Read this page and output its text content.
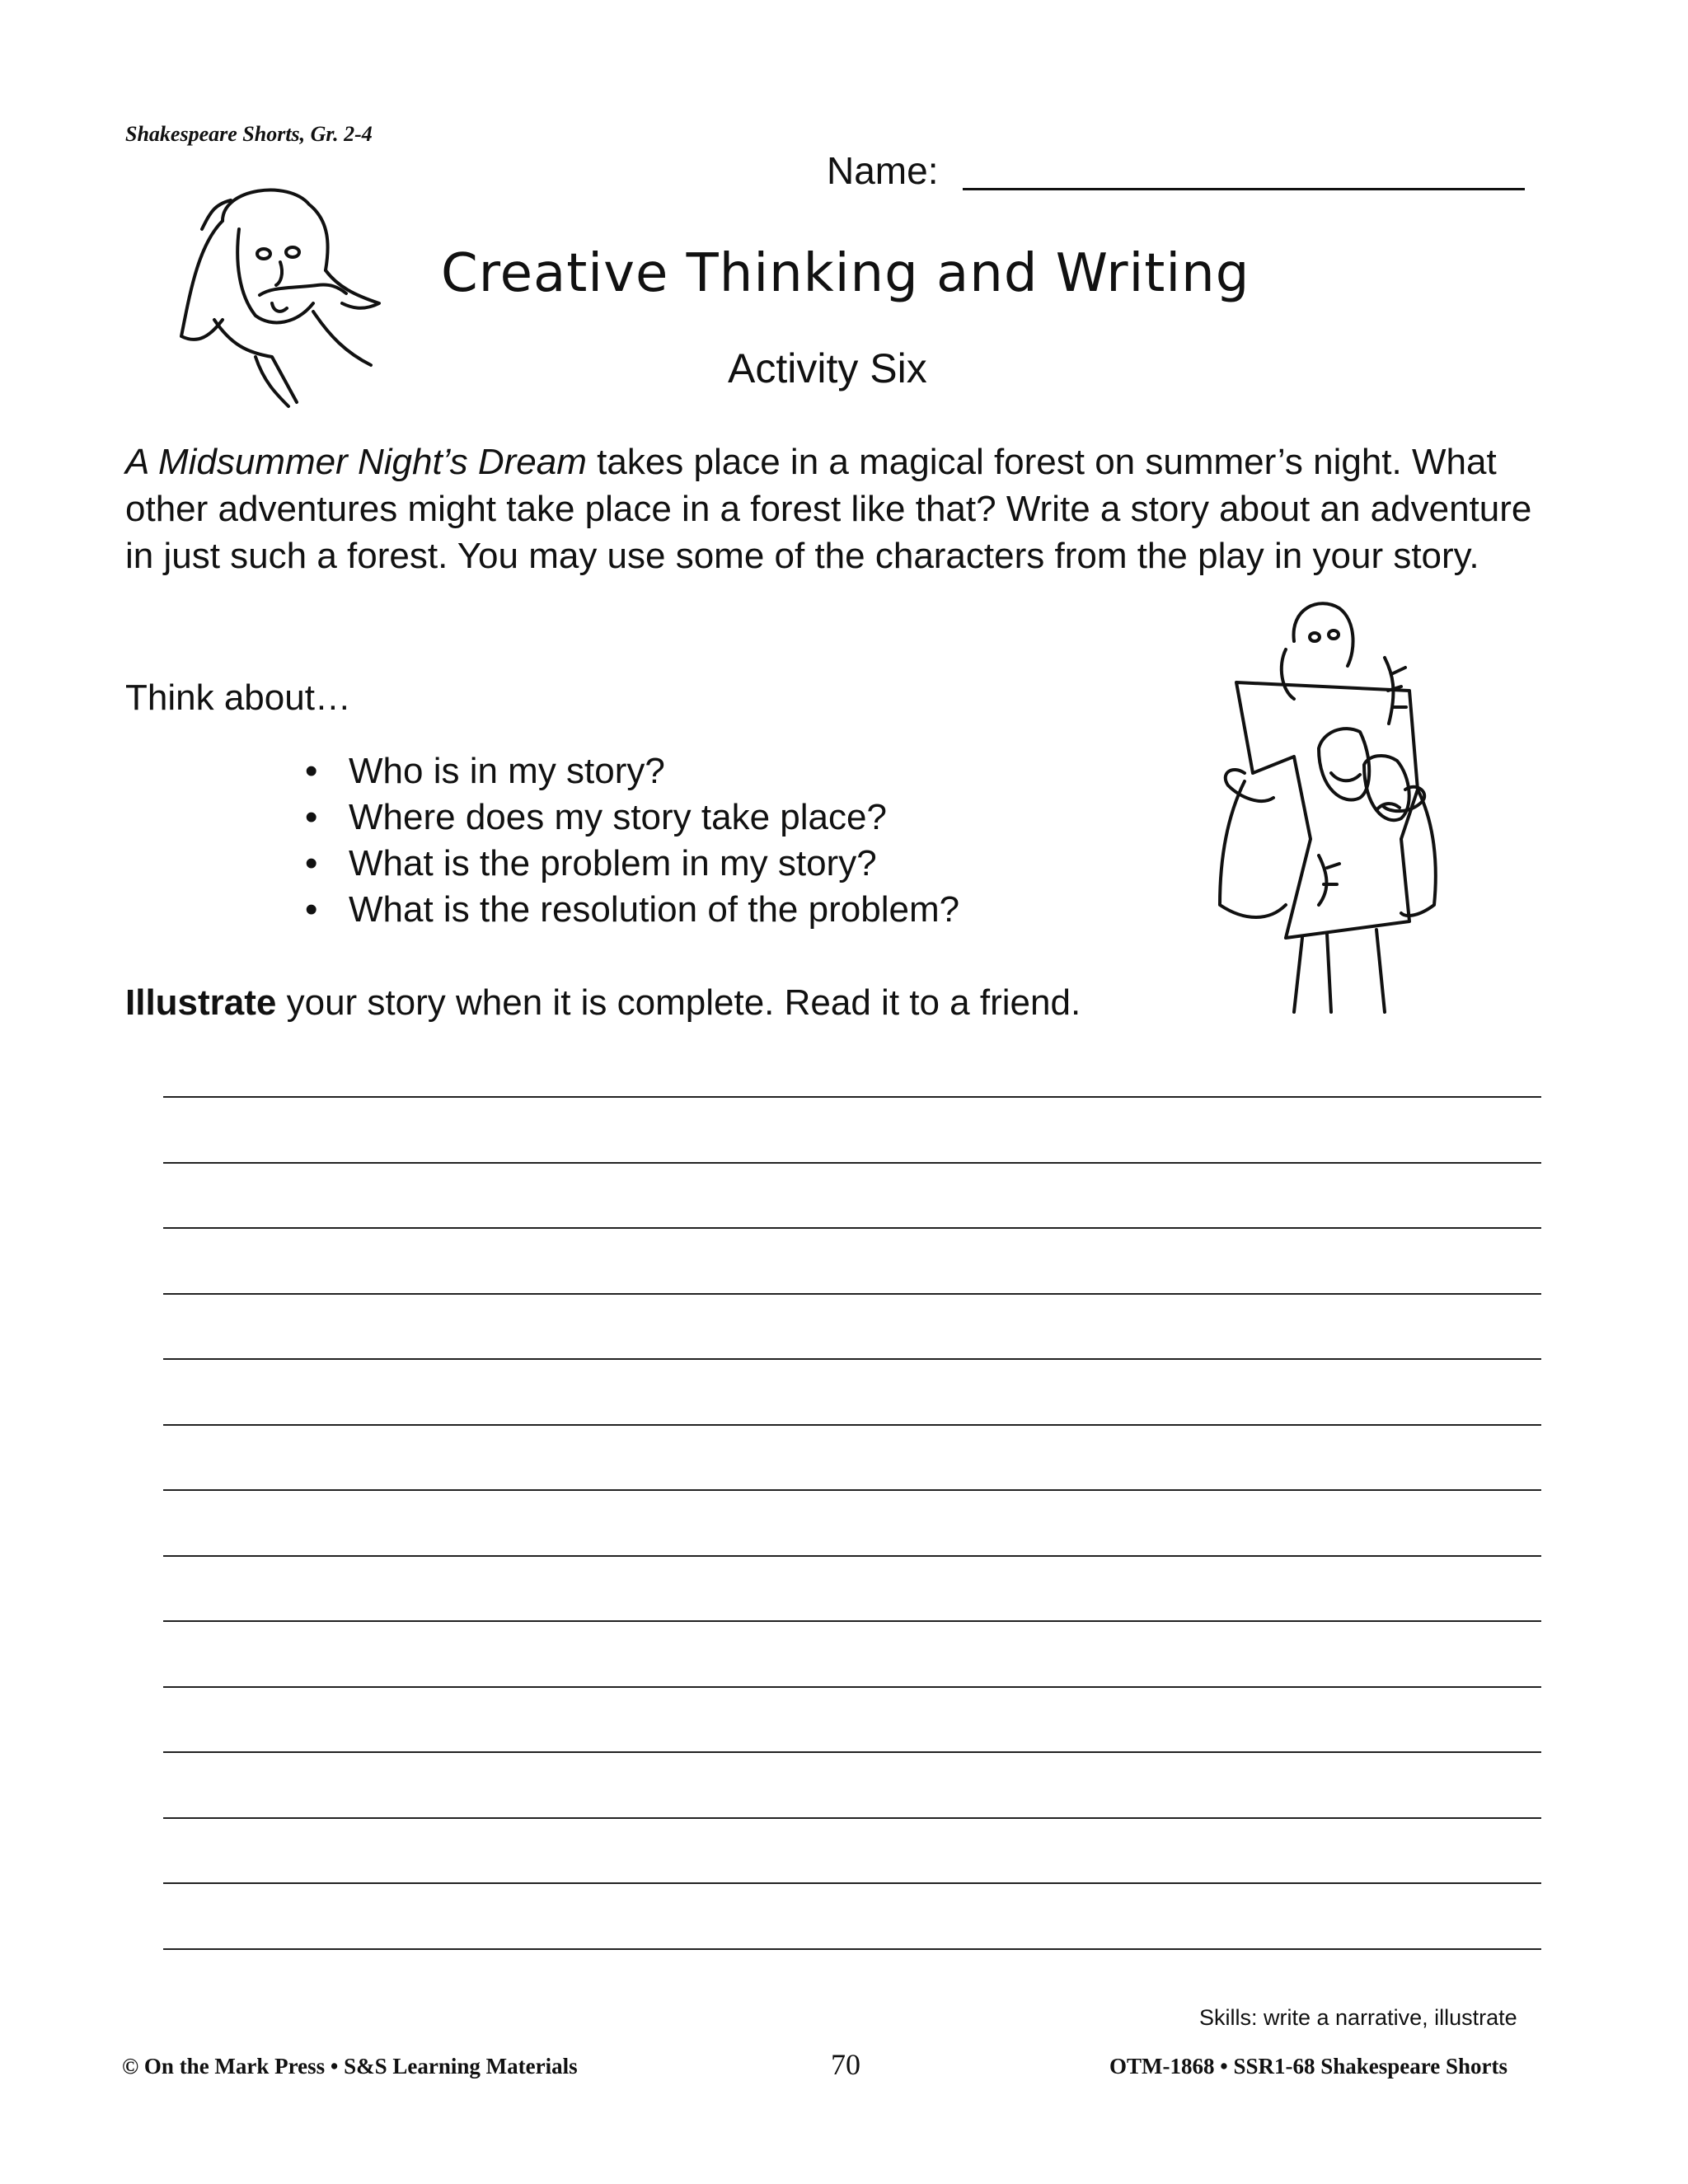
Shakespeare Shorts, Gr. 2-4
Name:
Creative Thinking and Writing
Activity Six
A Midsummer Night’s Dream takes place in a magical forest on summer’s night. What other adventures might take place in a forest like that? Write a story about an adventure in just such a forest. You may use some of the characters from the play in your story.
Think about…
• Who is in my story?
• Where does my story take place?
• What is the problem in my story?
• What is the resolution of the problem?
Illustrate your story when it is complete. Read it to a friend.
Skills: write a narrative, illustrate
© On the Mark Press • S&S Learning Materials	70	OTM-1868 • SSR1-68 Shakespeare Shorts
